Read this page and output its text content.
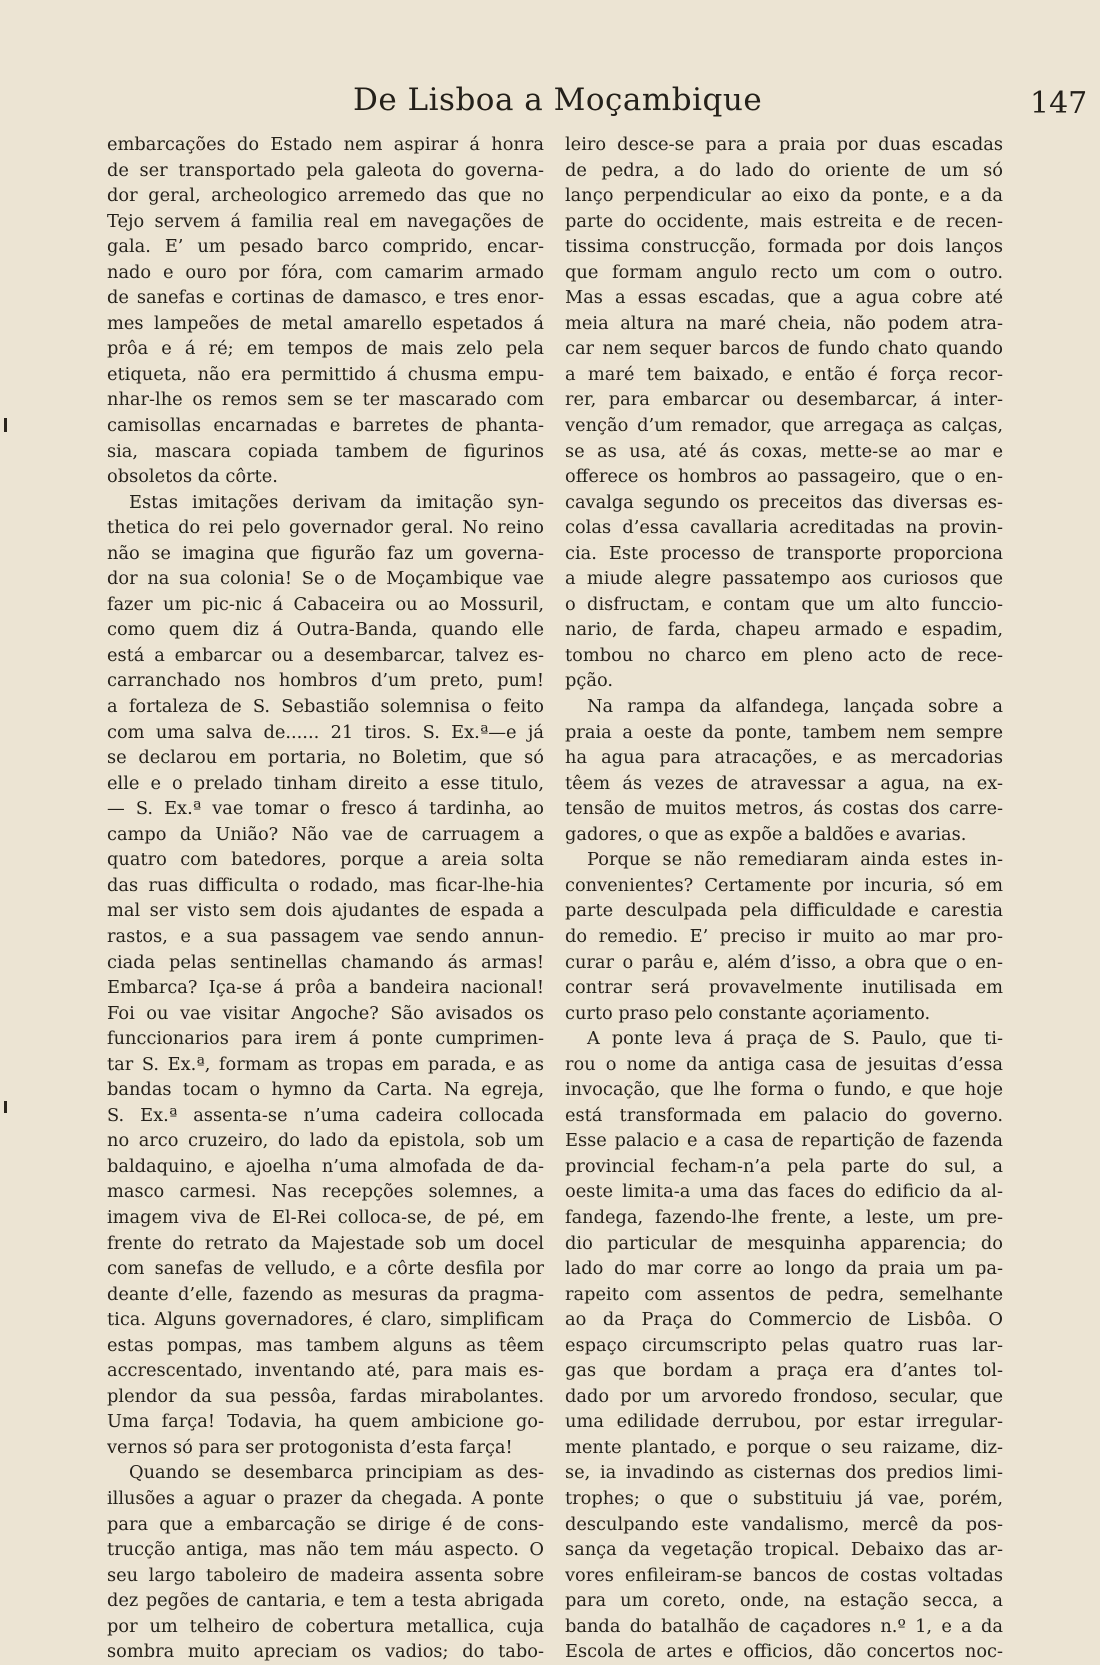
De Lisboa a Moçambique	147
embarcações do Estado nem aspirar á honra
de ser transportado pela galeota do governa-
dor geral, archeologico arremedo das que no
Tejo servem á familia real em navegações de
gala. E’ um pesado barco comprido, encar-
nado e ouro por fóra, com camarim armado
de sanefas e cortinas de damasco, e tres enor-
mes lampeões de metal amarello espetados á
prôa e á ré; em tempos de mais zelo pela
etiqueta, não era permittido á chusma empu-
nhar-lhe os remos sem se ter mascarado com
camisollas encarnadas e barretes de phanta-
sia, mascara copiada tambem de figurinos
obsoletos da côrte.
Estas imitações derivam da imitação syn-
thetica do rei pelo governador geral. No reino
não se imagina que figurão faz um governa-
dor na sua colonia! Se o de Moçambique vae
fazer um pic-nic á Cabaceira ou ao Mossuril,
como quem diz á Outra-Banda, quando elle
está a embarcar ou a desembarcar, talvez es-
carranchado nos hombros d’um preto, pum!
a fortaleza de S. Sebastião solemnisa o feito
com uma salva de...... 21 tiros. S. Ex.ª—e já
se declarou em portaria, no Boletim, que só
elle e o prelado tinham direito a esse titulo,
— S. Ex.ª vae tomar o fresco á tardinha, ao
campo da União? Não vae de carruagem a
quatro com batedores, porque a areia solta
das ruas difficulta o rodado, mas ficar-lhe-hia
mal ser visto sem dois ajudantes de espada a
rastos, e a sua passagem vae sendo annun-
ciada pelas sentinellas chamando ás armas!
Embarca? Iça-se á prôa a bandeira nacional!
Foi ou vae visitar Angoche? São avisados os
funccionarios para irem á ponte cumprimen-
tar S. Ex.ª, formam as tropas em parada, e as
bandas tocam o hymno da Carta. Na egreja,
S. Ex.ª assenta-se n’uma cadeira collocada
no arco cruzeiro, do lado da epistola, sob um
baldaquino, e ajoelha n’uma almofada de da-
masco carmesi. Nas recepções solemnes, a
imagem viva de El-Rei colloca-se, de pé, em
frente do retrato da Majestade sob um docel
com sanefas de velludo, e a côrte desfila por
deante d’elle, fazendo as mesuras da pragma-
tica. Alguns governadores, é claro, simplificam
estas pompas, mas tambem alguns as têem
accrescentado, inventando até, para mais es-
plendor da sua pessôa, fardas mirabolantes.
Uma farça! Todavia, ha quem ambicione go-
vernos só para ser protogonista d’esta farça!
Quando se desembarca principiam as des-
illusões a aguar o prazer da chegada. A ponte
para que a embarcação se dirige é de cons-
trucção antiga, mas não tem máu aspecto. O
seu largo taboleiro de madeira assenta sobre
dez pegões de cantaria, e tem a testa abrigada
por um telheiro de cobertura metallica, cuja
sombra muito apreciam os vadios; do tabo-
leiro desce-se para a praia por duas escadas
de pedra, a do lado do oriente de um só
lanço perpendicular ao eixo da ponte, e a da
parte do occidente, mais estreita e de recen-
tissima construcção, formada por dois lanços
que formam angulo recto um com o outro.
Mas a essas escadas, que a agua cobre até
meia altura na maré cheia, não podem atra-
car nem sequer barcos de fundo chato quando
a maré tem baixado, e então é força recor-
rer, para embarcar ou desembarcar, á inter-
venção d’um remador, que arregaça as calças,
se as usa, até ás coxas, mette-se ao mar e
offerece os hombros ao passageiro, que o en-
cavalga segundo os preceitos das diversas es-
colas d’essa cavallaria acreditadas na provin-
cia. Este processo de transporte proporciona
a miude alegre passatempo aos curiosos que
o disfructam, e contam que um alto funccio-
nario, de farda, chapeu armado e espadim,
tombou no charco em pleno acto de rece-
pção.
Na rampa da alfandega, lançada sobre a
praia a oeste da ponte, tambem nem sempre
ha agua para atracações, e as mercadorias
têem ás vezes de atravessar a agua, na ex-
tensão de muitos metros, ás costas dos carre-
gadores, o que as expõe a baldões e avarias.
Porque se não remediaram ainda estes in-
convenientes? Certamente por incuria, só em
parte desculpada pela difficuldade e carestia
do remedio. E’ preciso ir muito ao mar pro-
curar o parâu e, além d’isso, a obra que o en-
contrar será provavelmente inutilisada em
curto praso pelo constante açoriamento.
A ponte leva á praça de S. Paulo, que ti-
rou o nome da antiga casa de jesuitas d’essa
invocação, que lhe forma o fundo, e que hoje
está transformada em palacio do governo.
Esse palacio e a casa de repartição de fazenda
provincial fecham-n’a pela parte do sul, a
oeste limita-a uma das faces do edificio da al-
fandega, fazendo-lhe frente, a leste, um pre-
dio particular de mesquinha apparencia; do
lado do mar corre ao longo da praia um pa-
rapeito com assentos de pedra, semelhante
ao da Praça do Commercio de Lisbôa. O
espaço circumscripto pelas quatro ruas lar-
gas que bordam a praça era d’antes tol-
dado por um arvoredo frondoso, secular, que
uma edilidade derrubou, por estar irregular-
mente plantado, e porque o seu raizame, diz-
se, ia invadindo as cisternas dos predios limi-
trophes; o que o substituiu já vae, porém,
desculpando este vandalismo, mercê da pos-
sança da vegetação tropical. Debaixo das ar-
vores enfileiram-se bancos de costas voltadas
para um coreto, onde, na estação secca, a
banda do batalhão de caçadores n.º 1, e a da
Escola de artes e officios, dão concertos noc-
